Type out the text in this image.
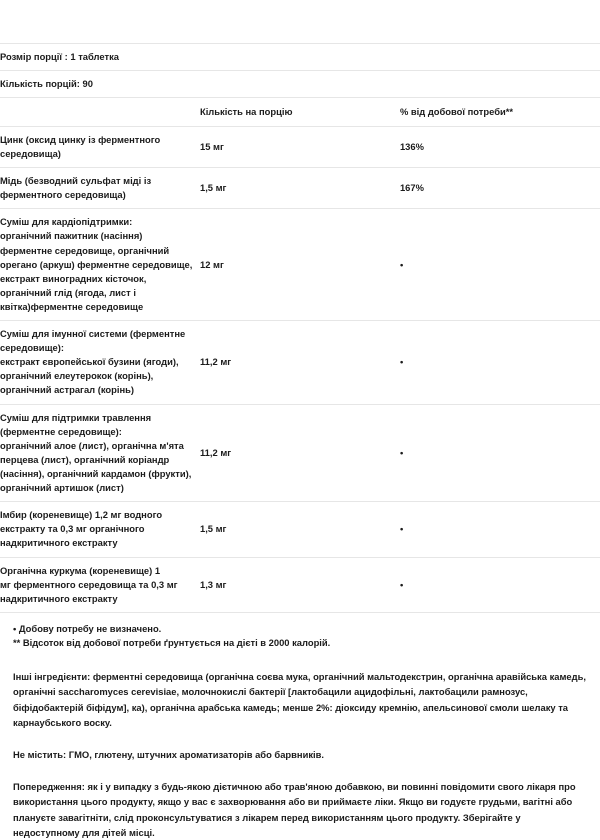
Розмір порції : 1 таблетка		
Кількість порцій: 90		
	Кількість на порцію	% від добової потреби**

Цинк (оксид цинку із ферментного середовища)	15 мг	136%

Мідь (безводний сульфат міді із ферментного середовища)	1,5 мг	167%

Суміш для кардіопідтримки:
органічний пажитник (насіння) ферментне середовище, органічний орегано (аркуш) ферментне середовище, екстракт виноградних кісточок, органічний глід (ягода, лист і квітка)ферментне середовище	12 мг	•

Суміш для імунної системи (ферментне середовище):
екстракт європейської бузини (ягоди), органічний елеутерокок (корінь), органічний астрагал (корінь)	11,2 мг	•

Суміш для підтримки травлення (ферментне середовище):
органічний алое (лист), органічна м'ята перцева (лист), органічний коріандр (насіння), органічний кардамон (фрукти), органічний артишок (лист)	11,2 мг	•

Імбир (кореневище) 1,2 мг водного екстракту та 0,3 мг органічного надкритичного екстракту	1,5 мг	•

Органічна куркума (кореневище) 1
мг ферментного середовища та 0,3 мг надкритичного екстракту	1,3 мг	•

• Добову потребу не визначено.

** Відсоток від добової потреби ґрунтується на дієті в 2000 калорій.

Інші інгредієнти: ферментні середовища (органічна соєва мука, органічний мальтодекстрин, органічна аравійська камедь, органічні saccharomyces cerevisiae, молочнокислі бактерії [лактобацили ацидофільні, лактобацили рамнозус, біфідобактерій біфідум], ка), органічна арабська камедь; менше 2%: діоксиду кремнію, апельсинової смоли шелаку та карнаубського воску.

Не містить: ГМО, глютену, штучних ароматизаторів або барвників.

Попередження: як і у випадку з будь-якою дієтичною або трав'яною добавкою, ви повинні повідомити свого лікаря про використання цього продукту, якщо у вас є захворювання або ви приймаєте ліки. Якщо ви годуєте грудьми, вагітні або плануєте завагітніти, слід проконсультуватися з лікарем перед використанням цього продукту. Зберігайте у недоступному для дітей місці.
